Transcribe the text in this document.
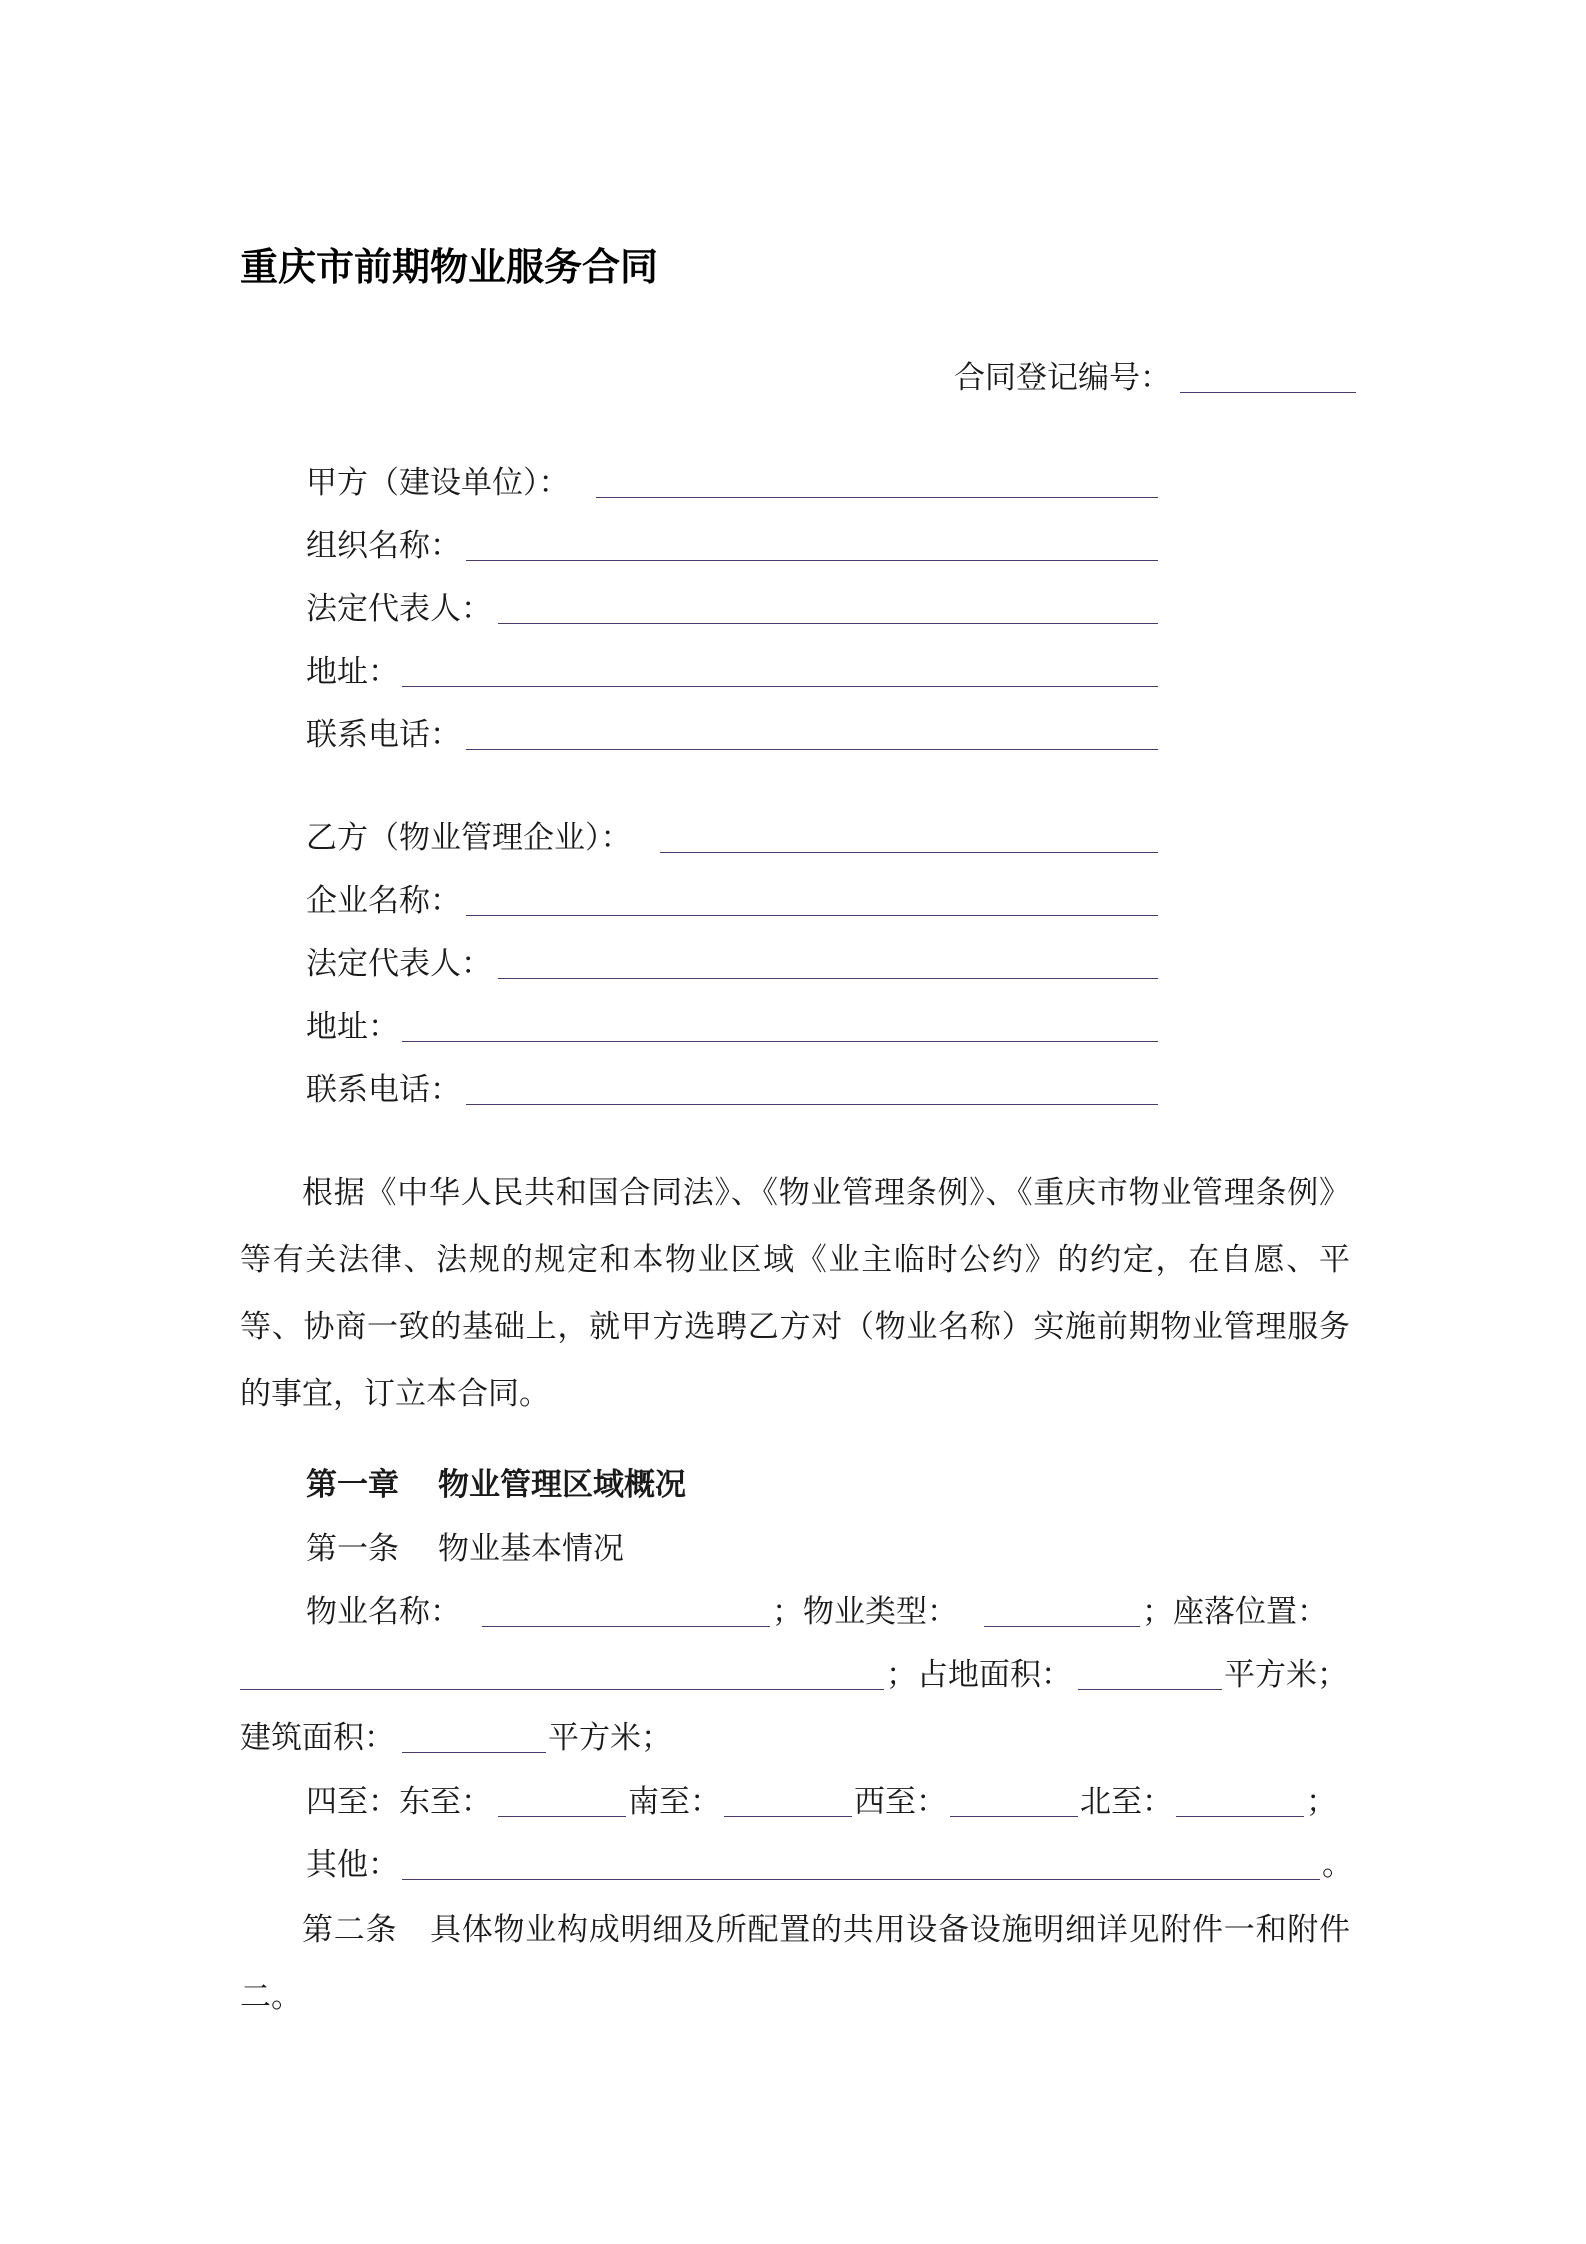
重庆市前期物业服务合同
合同登记编号：
甲方（建设单位）：
组织名称：
法定代表人：
地址：
联系电话：
乙方（物业管理企业）：
企业名称：
法定代表人：
地址：
联系电话：

根据《中华人民共和国合同法》、《物业管理条例》、《重庆市物业管理条例》等有关法律、法规的规定和本物业区域《业主临时公约》的约定，在自愿、平等、协商一致的基础上，就甲方选聘乙方对（物业名称）实施前期物业管理服务的事宜，订立本合同。

第一章 物业管理区域概况
第一条 物业基本情况
物业名称：	；物业类型：	；座落位置：
；占地面积：	平方米；
建筑面积：	平方米；
四至：东至：	南至：	西至：	北至：	；
其他：	。

第二条 具体物业构成明细及所配置的共用设备设施明细详见附件一和附件二。
